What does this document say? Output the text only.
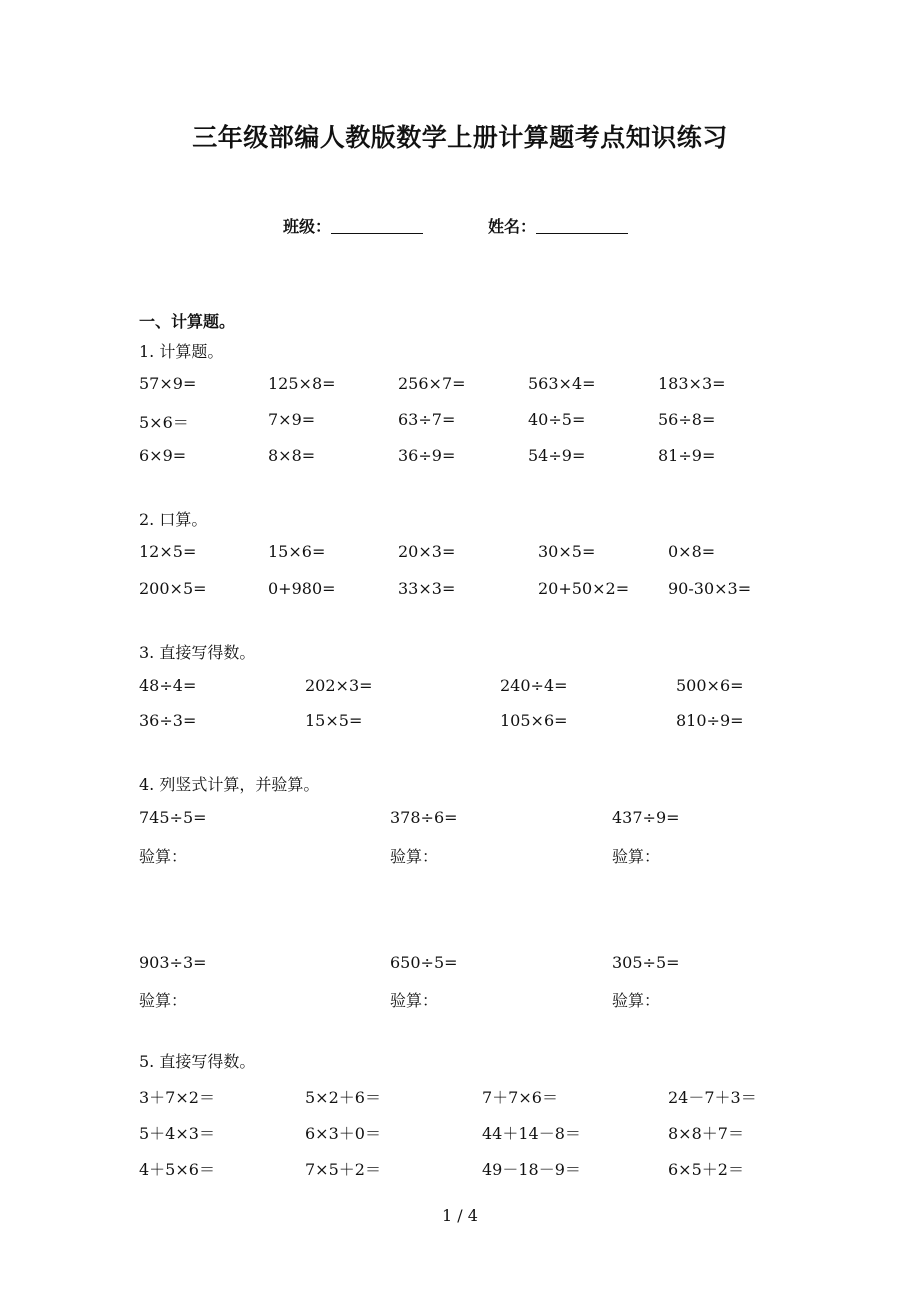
三年级部编人教版数学上册计算题考点知识练习
班级：	姓名：
一、计算题。
1. 计算题。
57×9=	125×8=	256×7=	563×4=	183×3=
5×6＝	7×9=	63÷7=	40÷5=	56÷8=
6×9=	8×8=	36÷9=	54÷9=	81÷9=
2. 口算。
12×5=	15×6=	20×3=	30×5=	0×8=
200×5=	0+980=	33×3=	20+50×2= 90-30×3=
3. 直接写得数。
48÷4=	202×3=	240÷4=	500×6=
36÷3=	15×5=	105×6=	810÷9=
4. 列竖式计算，并验算。
745÷5=	378÷6=	437÷9=
验算：	验算：	验算：
903÷3=	650÷5=	305÷5=
验算：	验算：	验算：
5. 直接写得数。
3＋7×2＝	5×2＋6＝	7＋7×6＝	24－7＋3＝
5＋4×3＝	6×3＋0＝	44＋14－8＝	8×8＋7＝
4＋5×6＝	7×5＋2＝	49－18－9＝	6×5＋2＝
1 / 4
